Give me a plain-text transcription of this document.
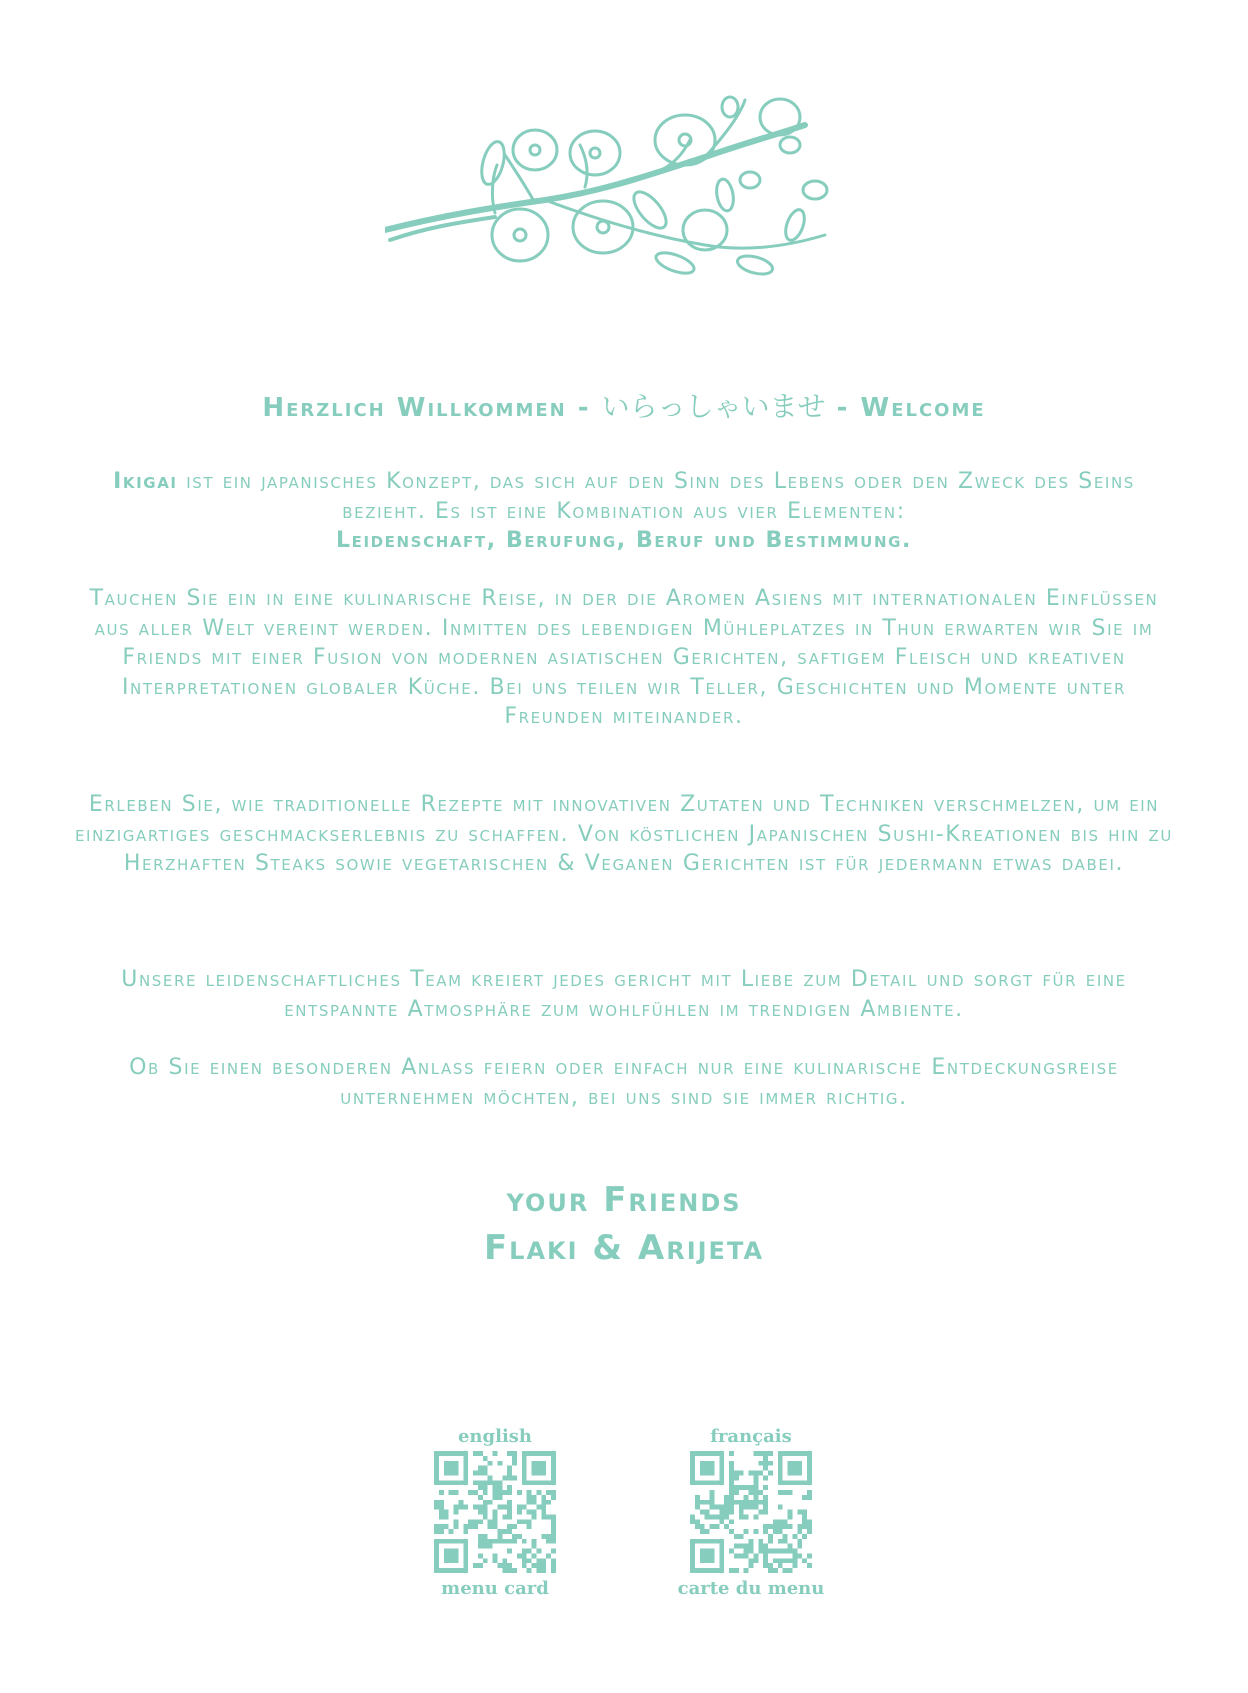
Herzlich Willkommen - いらっしゃいませ - Welcome

Ikigai ist ein japanisches Konzept, das sich auf den Sinn des Lebens oder den Zweck des Seins bezieht. Es ist eine Kombination aus vier Elementen:
Leidenschaft, Berufung, Beruf und Bestimmung.

Tauchen Sie ein in eine kulinarische Reise, in der die Aromen Asiens mit internationalen Einflüssen aus aller Welt vereint werden. Inmitten des lebendigen Mühleplatzes in Thun erwarten wir Sie im Friends mit einer Fusion von modernen asiatischen Gerichten, saftigem Fleisch und kreativen Interpretationen globaler Küche. Bei uns teilen wir Teller, Geschichten und Momente unter Freunden miteinander.

Erleben Sie, wie traditionelle Rezepte mit innovativen Zutaten und Techniken verschmelzen, um ein einzigartiges geschmackserlebnis zu schaffen. Von köstlichen Japanischen Sushi-Kreationen bis hin zu Herzhaften Steaks sowie vegetarischen & Veganen Gerichten ist für jedermann etwas dabei.

Unsere leidenschaftliches Team kreiert jedes gericht mit Liebe zum Detail und sorgt für eine entspannte Atmosphäre zum wohlfühlen im trendigen Ambiente.

Ob Sie einen besonderen Anlass feiern oder einfach nur eine kulinarische Entdeckungsreise unternehmen möchten, bei uns sind sie immer richtig.

your Friends
Flaki & Arijeta
english
menu card
français
carte du menu
